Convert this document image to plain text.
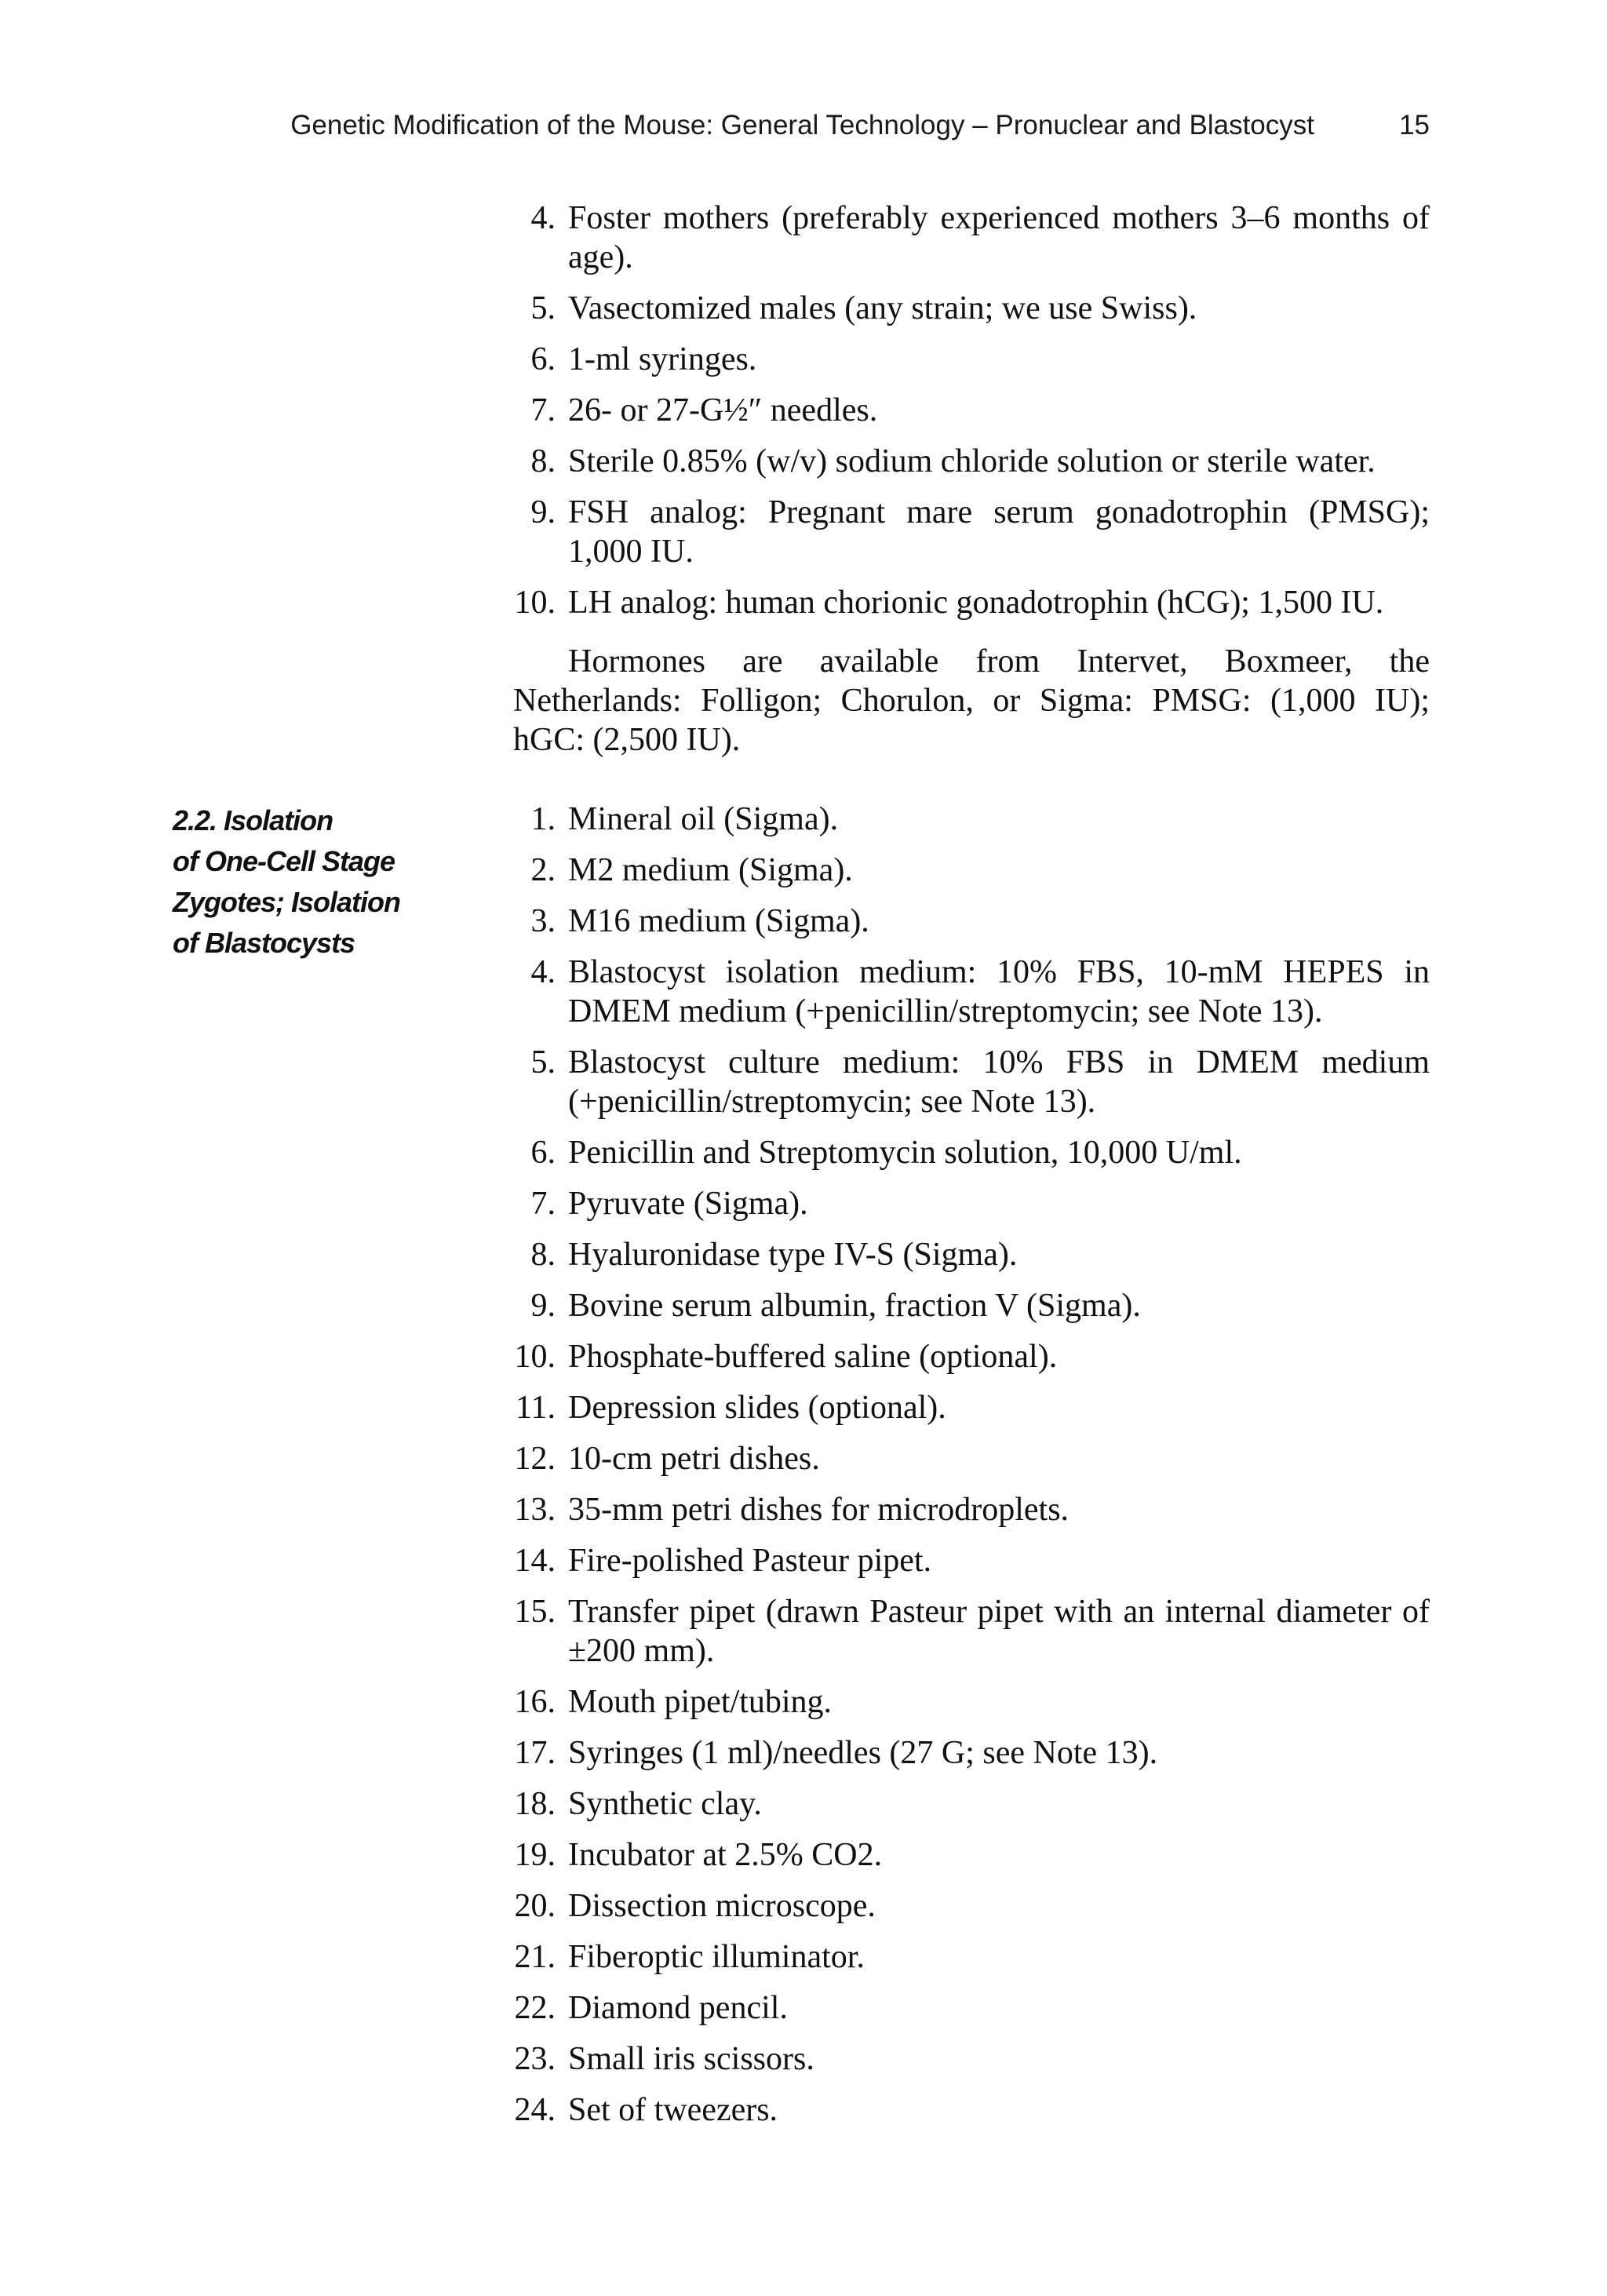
Genetic Modification of the Mouse: General Technology – Pronuclear and Blastocyst	15
4. Foster mothers (preferably experienced mothers 3–6 months of age).
5. Vasectomized males (any strain; we use Swiss).
6. 1-ml syringes.
7. 26- or 27-G½″ needles.
8. Sterile 0.85% (w/v) sodium chloride solution or sterile water.
9. FSH analog: Pregnant mare serum gonadotrophin (PMSG); 1,000 IU.
10. LH analog: human chorionic gonadotrophin (hCG); 1,500 IU.

Hormones are available from Intervet, Boxmeer, the Netherlands: Folligon; Chorulon, or Sigma: PMSG: (1,000 IU); hGC: (2,500 IU).

2.2. Isolation
of One-Cell Stage
Zygotes; Isolation
of Blastocysts
1. Mineral oil (Sigma).
2. M2 medium (Sigma).
3. M16 medium (Sigma).
4. Blastocyst isolation medium: 10% FBS, 10-mM HEPES in DMEM medium (+penicillin/streptomycin; see Note 13).
5. Blastocyst culture medium: 10% FBS in DMEM medium (+penicillin/streptomycin; see Note 13).
6. Penicillin and Streptomycin solution, 10,000 U/ml.
7. Pyruvate (Sigma).
8. Hyaluronidase type IV-S (Sigma).
9. Bovine serum albumin, fraction V (Sigma).
10. Phosphate-buffered saline (optional).
11. Depression slides (optional).
12. 10-cm petri dishes.
13. 35-mm petri dishes for microdroplets.
14. Fire-polished Pasteur pipet.
15. Transfer pipet (drawn Pasteur pipet with an internal diameter of ±200 mm).
16. Mouth pipet/tubing.
17. Syringes (1 ml)/needles (27 G; see Note 13).
18. Synthetic clay.
19. Incubator at 2.5% CO2.
20. Dissection microscope.
21. Fiberoptic illuminator.
22. Diamond pencil.
23. Small iris scissors.
24. Set of tweezers.
